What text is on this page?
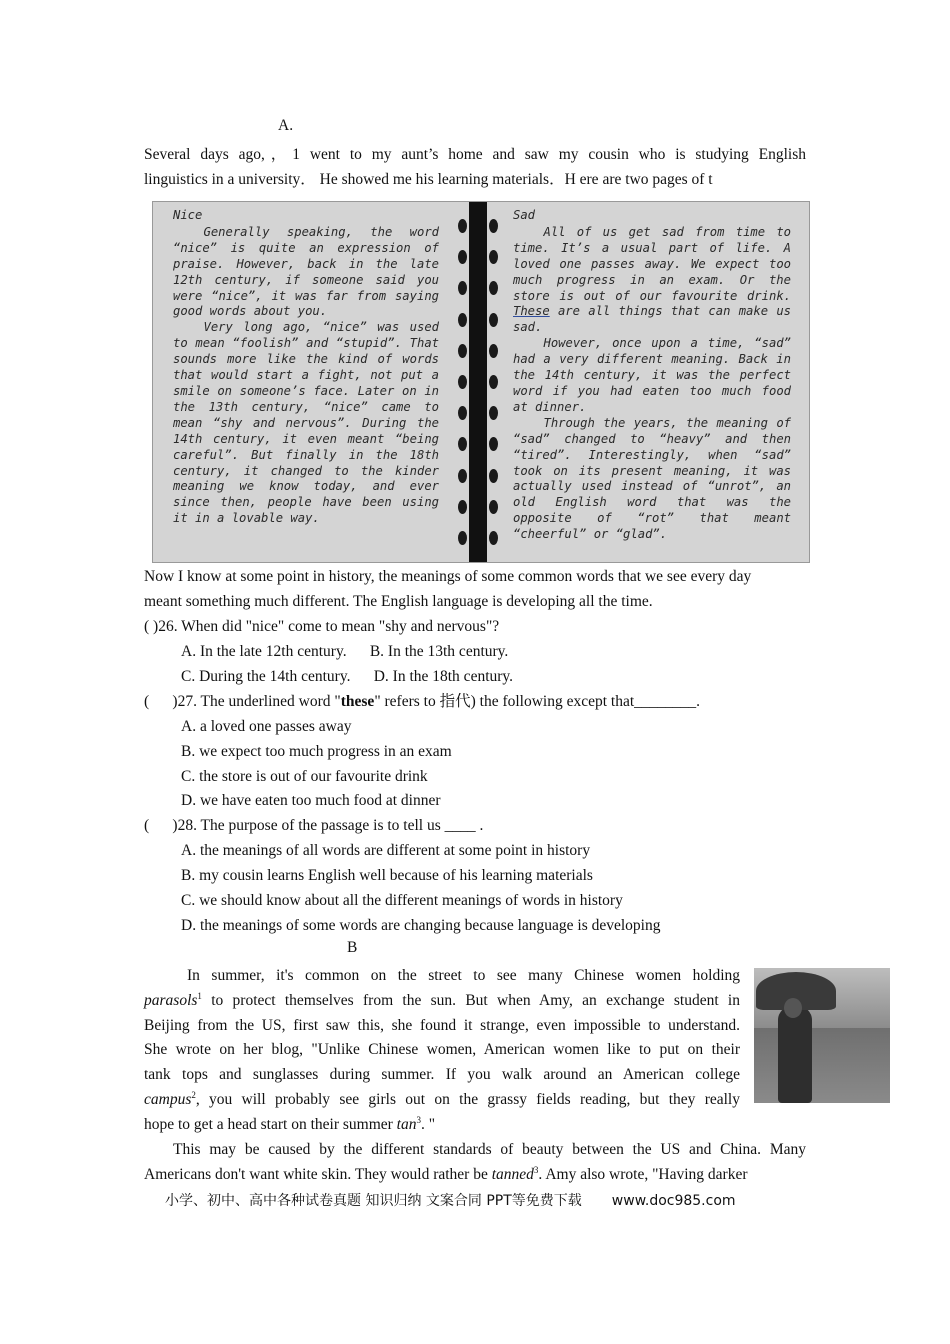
A.
Several days ago,，1 went to my aunt’s home and saw my cousin who is studying English
linguistics in a university． He showed me his learning materials．H ere are two pages of t
Nice

Generally speaking, the word “nice” is quite an expression of praise. However, back in the late 12th century, if someone said you were “nice”, it was far from saying good words about you.

Very long ago, “nice” was used to mean “foolish” and “stupid”. That sounds more like the kind of words that would start a fight, not put a smile on someone’s face. Later on in the 13th century, “nice” came to mean “shy and nervous”. During the 14th century, it even meant “being careful”. But finally in the 18th century, it changed to the kinder meaning we know today, and ever since then, people have been using it in a lovable way.

Sad

All of us get sad from time to time. It’s a usual part of life. A loved one passes away. We expect too much progress in an exam. Or the store is out of our favourite drink. These are all things that can make us sad.

However, once upon a time, “sad” had a very different meaning. Back in the 14th century, it was the perfect word if you had eaten too much food at dinner.

Through the years, the meaning of “sad” changed to “heavy” and then “tired”. Interestingly, when “sad” took on its present meaning, it was actually used instead of “unrot”, an old English word that was the opposite of “rot” that meant “cheerful” or “glad”.

Now I know at some point in history, the meanings of some common words that we see every day
meant something much different. The English language is developing all the time.
( )26. When did "nice" come to mean "shy and nervous"?
A. In the late 12th century.      B. In the 13th century.
C. During the 14th century.      D. In the 18th century.
(      )27. The underlined word "these" refers to 指代) the following except that________.
A. a loved one passes away
B. we expect too much progress in an exam
C. the store is out of our favourite drink
D. we have eaten too much food at dinner
(      )28. The purpose of the passage is to tell us ____ .
A. the meanings of all words are different at some point in history
B. my cousin learns English well because of his learning materials
C. we should know about all the different meanings of words in history
D. the meanings of some words are changing because language is developing
B
In summer, it's common on the street to see many Chinese women holding
parasols$^1$ to protect themselves from the sun. But when Amy, an exchange student in
Beijing from the US, first saw this, she found it strange, even impossible to understand.
She wrote on her blog, "Unlike Chinese women, American women like to put on their
tank tops and sunglasses during summer. If you walk around an American college
campus$^2$, you will probably see girls out on the grassy fields reading, but they really
hope to get a head start on their summer $\tan^3$. "
This may be caused by the different standards of beauty between the US and China. Many
Americans don't want white skin. They would rather be tanned$^3$. Amy also wrote, "Having darker
小学、初中、高中各种试卷真题 知识归纳 文案合同 PPT等免费下载 www.doc985.com
